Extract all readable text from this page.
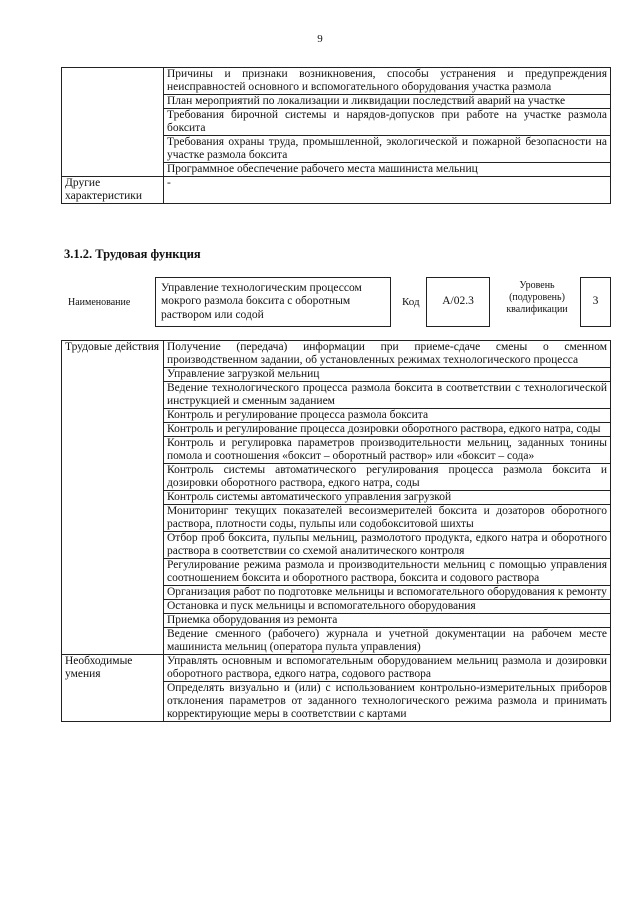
9
	Причины и признаки возникновения, способы устранения и предупреждения неисправностей основного и вспомогательного оборудования участка размола
	План мероприятий по локализации и ликвидации последствий аварий на участке
	Требования бирочной системы и нарядов-допусков при работе на участке размола боксита
	Требования охраны труда, промышленной, экологической и пожарной безопасности на участке размола боксита
	Программное обеспечение рабочего места машиниста мельниц
Другие характеристики	-
3.1.2. Трудовая функция
Наименование
Управление технологическим процессом мокрого размола боксита с оборотным раствором или содой
Код А/02.3
Уровень (подуровень) квалификации
3
Трудовые действия	Получение (передача) информации при приеме-сдаче смены о сменном производственном задании, об установленных режимах технологического процесса
	Управление загрузкой мельниц
	Ведение технологического процесса размола боксита в соответствии с технологической инструкцией и сменным заданием
	Контроль и регулирование процесса размола боксита
	Контроль и регулирование процесса дозировки оборотного раствора, едкого натра, соды
	Контроль и регулировка параметров производительности мельниц, заданных тонины помола и соотношения «боксит – оборотный раствор» или «боксит – сода»
	Контроль системы автоматического регулирования процесса размола боксита и дозировки оборотного раствора, едкого натра, соды
	Контроль системы автоматического управления загрузкой
	Мониторинг текущих показателей весоизмерителей боксита и дозаторов оборотного раствора, плотности соды, пульпы или содобокситовой шихты
	Отбор проб боксита, пульпы мельниц, размолотого продукта, едкого натра и оборотного раствора в соответствии со схемой аналитического контроля
	Регулирование режима размола и производительности мельниц с помощью управления соотношением боксита и оборотного раствора, боксита и содового раствора
	Организация работ по подготовке мельницы и вспомогательного оборудования к ремонту
	Остановка и пуск мельницы и вспомогательного оборудования
	Приемка оборудования из ремонта
	Ведение сменного (рабочего) журнала и учетной документации на рабочем месте машиниста мельниц (оператора пульта управления)
Необходимые умения	Управлять основным и вспомогательным оборудованием мельниц размола и дозировки оборотного раствора, едкого натра, содового раствора
	Определять визуально и (или) с использованием контрольно-измерительных приборов отклонения параметров от заданного технологического режима размола и принимать корректирующие меры в соответствии с картами
